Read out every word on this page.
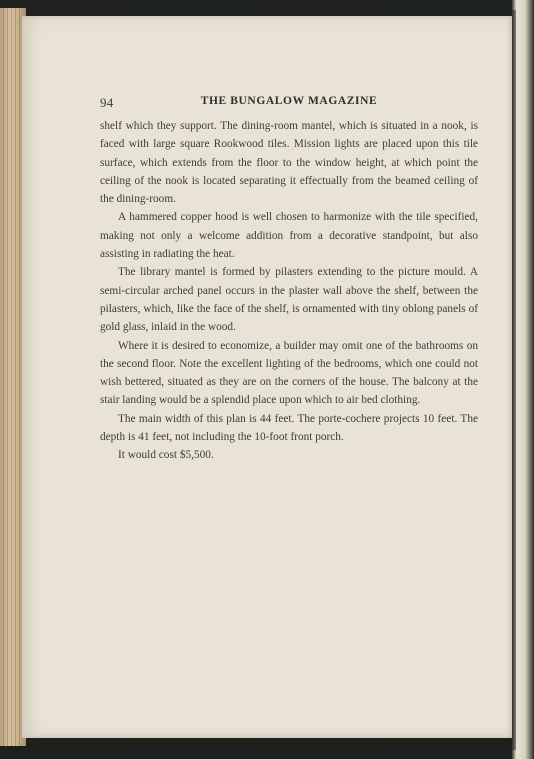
94	THE BUNGALOW MAGAZINE

shelf which they support. The dining-room mantel, which is situated in a nook, is faced with large square Rookwood tiles. Mission lights are placed upon this tile surface, which extends from the floor to the window height, at which point the ceiling of the nook is located separating it effectually from the beamed ceiling of the dining-room.

A hammered copper hood is well chosen to harmonize with the tile specified, making not only a welcome addition from a decorative standpoint, but also assisting in radiating the heat.

The library mantel is formed by pilasters extending to the picture mould. A semi-circular arched panel occurs in the plaster wall above the shelf, between the pilasters, which, like the face of the shelf, is ornamented with tiny oblong panels of gold glass, inlaid in the wood.

Where it is desired to economize, a builder may omit one of the bathrooms on the second floor. Note the excellent lighting of the bedrooms, which one could not wish bettered, situated as they are on the corners of the house. The balcony at the stair landing would be a splendid place upon which to air bed clothing.

The main width of this plan is 44 feet. The porte-cochere projects 10 feet. The depth is 41 feet, not including the 10-foot front porch.

It would cost $5,500.
